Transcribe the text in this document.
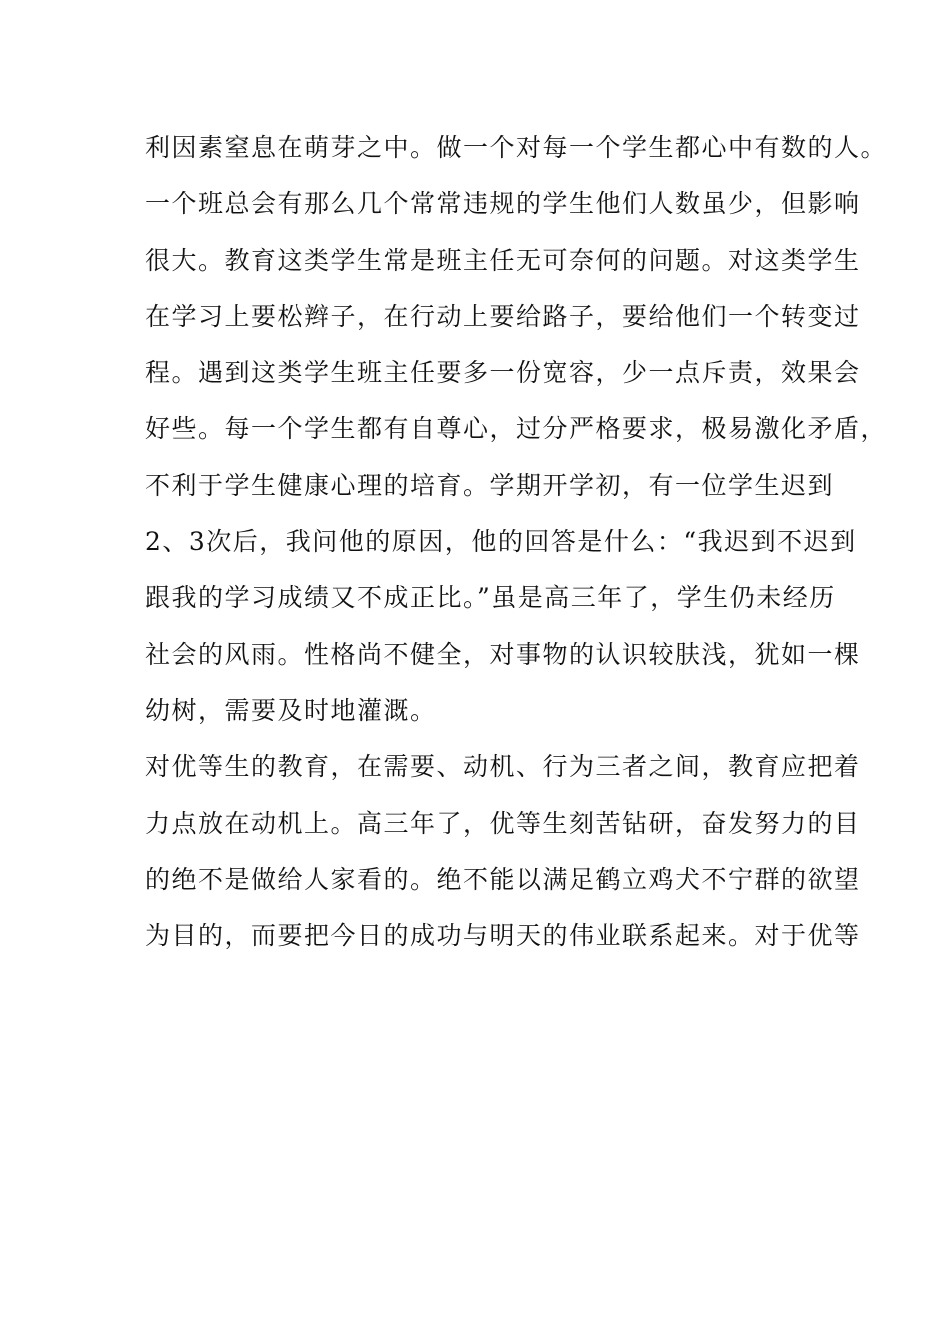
利因素窒息在萌芽之中。做一个对每一个学生都心中有数的人。
一个班总会有那么几个常常违规的学生他们人数虽少，但影响
很大。教育这类学生常是班主任无可奈何的问题。对这类学生
在学习上要松辫子，在行动上要给路子，要给他们一个转变过
程。遇到这类学生班主任要多一份宽容，少一点斥责，效果会
好些。每一个学生都有自尊心，过分严格要求，极易激化矛盾，
不利于学生健康心理的培育。学期开学初，有一位学生迟到
2、3次后，我问他的原因，他的回答是什么：“我迟到不迟到
跟我的学习成绩又不成正比。”虽是高三年了，学生仍未经历
社会的风雨。性格尚不健全，对事物的认识较肤浅，犹如一棵
幼树，需要及时地灌溉。
对优等生的教育，在需要、动机、行为三者之间，教育应把着
力点放在动机上。高三年了，优等生刻苦钻研，奋发努力的目
的绝不是做给人家看的。绝不能以满足鹤立鸡犬不宁群的欲望
为目的，而要把今日的成功与明天的伟业联系起来。对于优等
